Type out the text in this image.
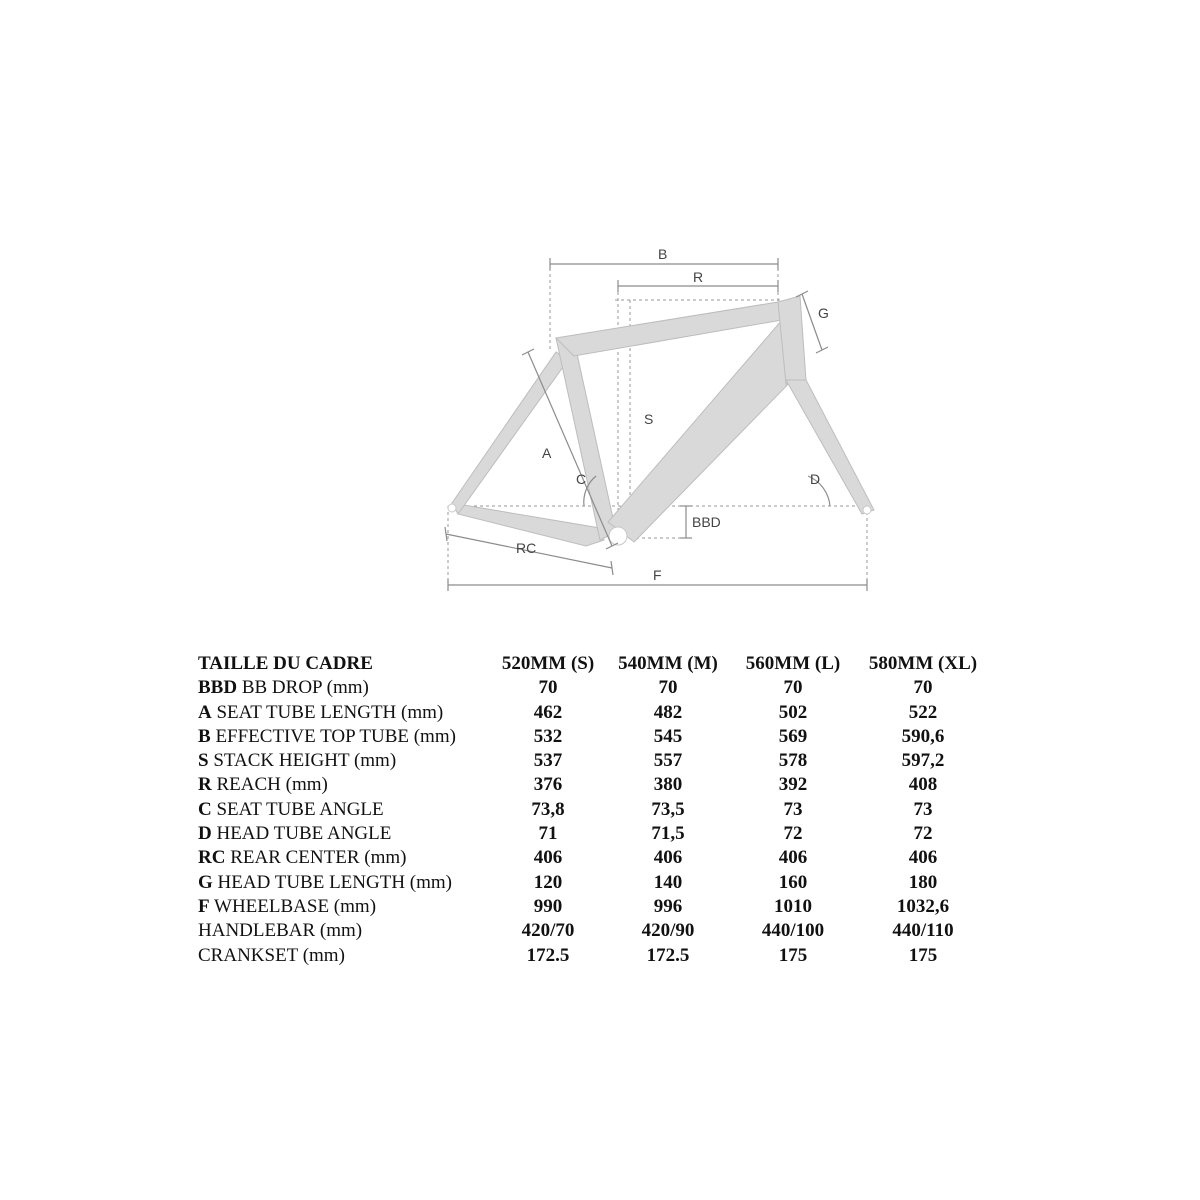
B
R
G
S
A
C	D
BBD
RC
F
TAILLE DU CADRE	520MM (S)	540MM (M)	560MM (L)	580MM (XL)
BBD BB DROP (mm)	70	70	70	70
A SEAT TUBE LENGTH (mm)	462	482	502	522
B EFFECTIVE TOP TUBE (mm)	532	545	569	590,6
S STACK HEIGHT (mm)	537	557	578	597,2
R REACH (mm)	376	380	392	408
C SEAT TUBE ANGLE	73,8	73,5	73	73
D HEAD TUBE ANGLE	71	71,5	72	72
RC REAR CENTER (mm)	406	406	406	406
G HEAD TUBE LENGTH (mm)	120	140	160	180
F WHEELBASE (mm)	990	996	1010	1032,6
HANDLEBAR (mm)	420/70	420/90	440/100	440/110
CRANKSET (mm)	172.5	172.5	175	175
